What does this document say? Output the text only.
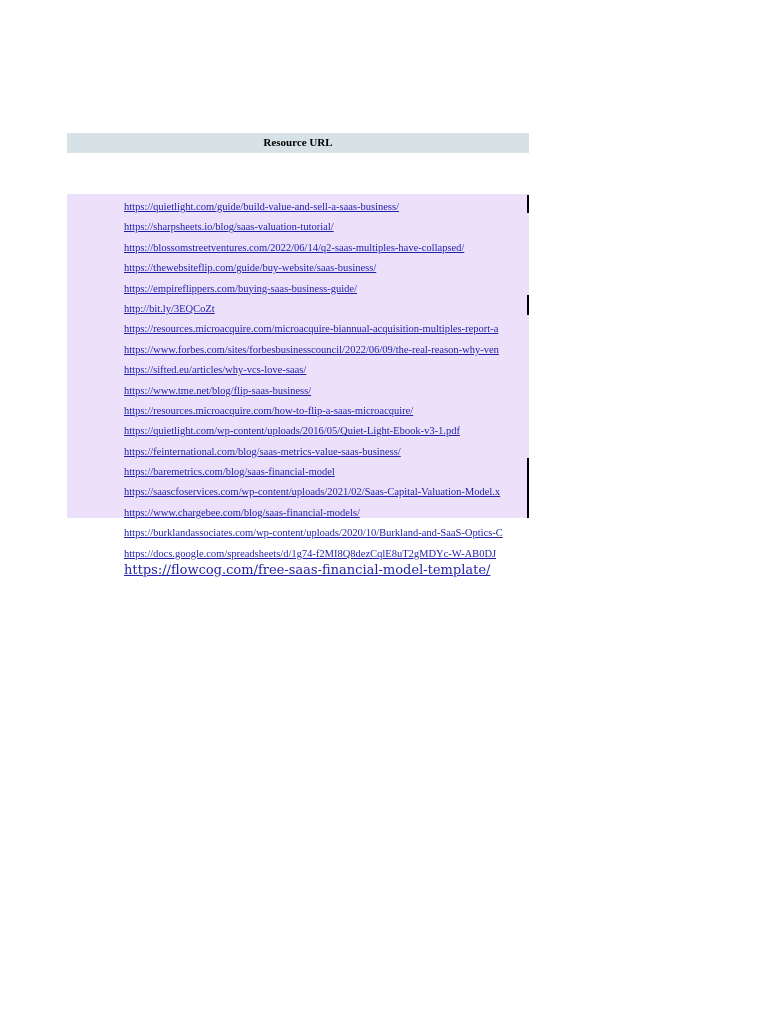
Resource URL
https://quietlight.com/guide/build-value-and-sell-a-saas-business/
https://sharpsheets.io/blog/saas-valuation-tutorial/
https://blossomstreetventures.com/2022/06/14/q2-saas-multiples-have-collapsed/
https://thewebsiteflip.com/guide/buy-website/saas-business/
https://empireflippers.com/buying-saas-business-guide/
http://bit.ly/3EQCoZt
https://resources.microacquire.com/microacquire-biannual-acquisition-multiples-report-a
https://www.forbes.com/sites/forbesbusinesscouncil/2022/06/09/the-real-reason-why-ven
https://sifted.eu/articles/why-vcs-love-saas/
https://www.tme.net/blog/flip-saas-business/
https://resources.microacquire.com/how-to-flip-a-saas-microacquire/
https://quietlight.com/wp-content/uploads/2016/05/Quiet-Light-Ebook-v3-1.pdf
https://feinternational.com/blog/saas-metrics-value-saas-business/
https://baremetrics.com/blog/saas-financial-model
https://saascfoservices.com/wp-content/uploads/2021/02/Saas-Capital-Valuation-Model.x
https://www.chargebee.com/blog/saas-financial-models/
https://burklandassociates.com/wp-content/uploads/2020/10/Burkland-and-SaaS-Optics-C
https://docs.google.com/spreadsheets/d/1g74-f2MI8Q8dezCqlE8uT2gMDYc-W-AB0DJ
https://flowcog.com/free-saas-financial-model-template/
